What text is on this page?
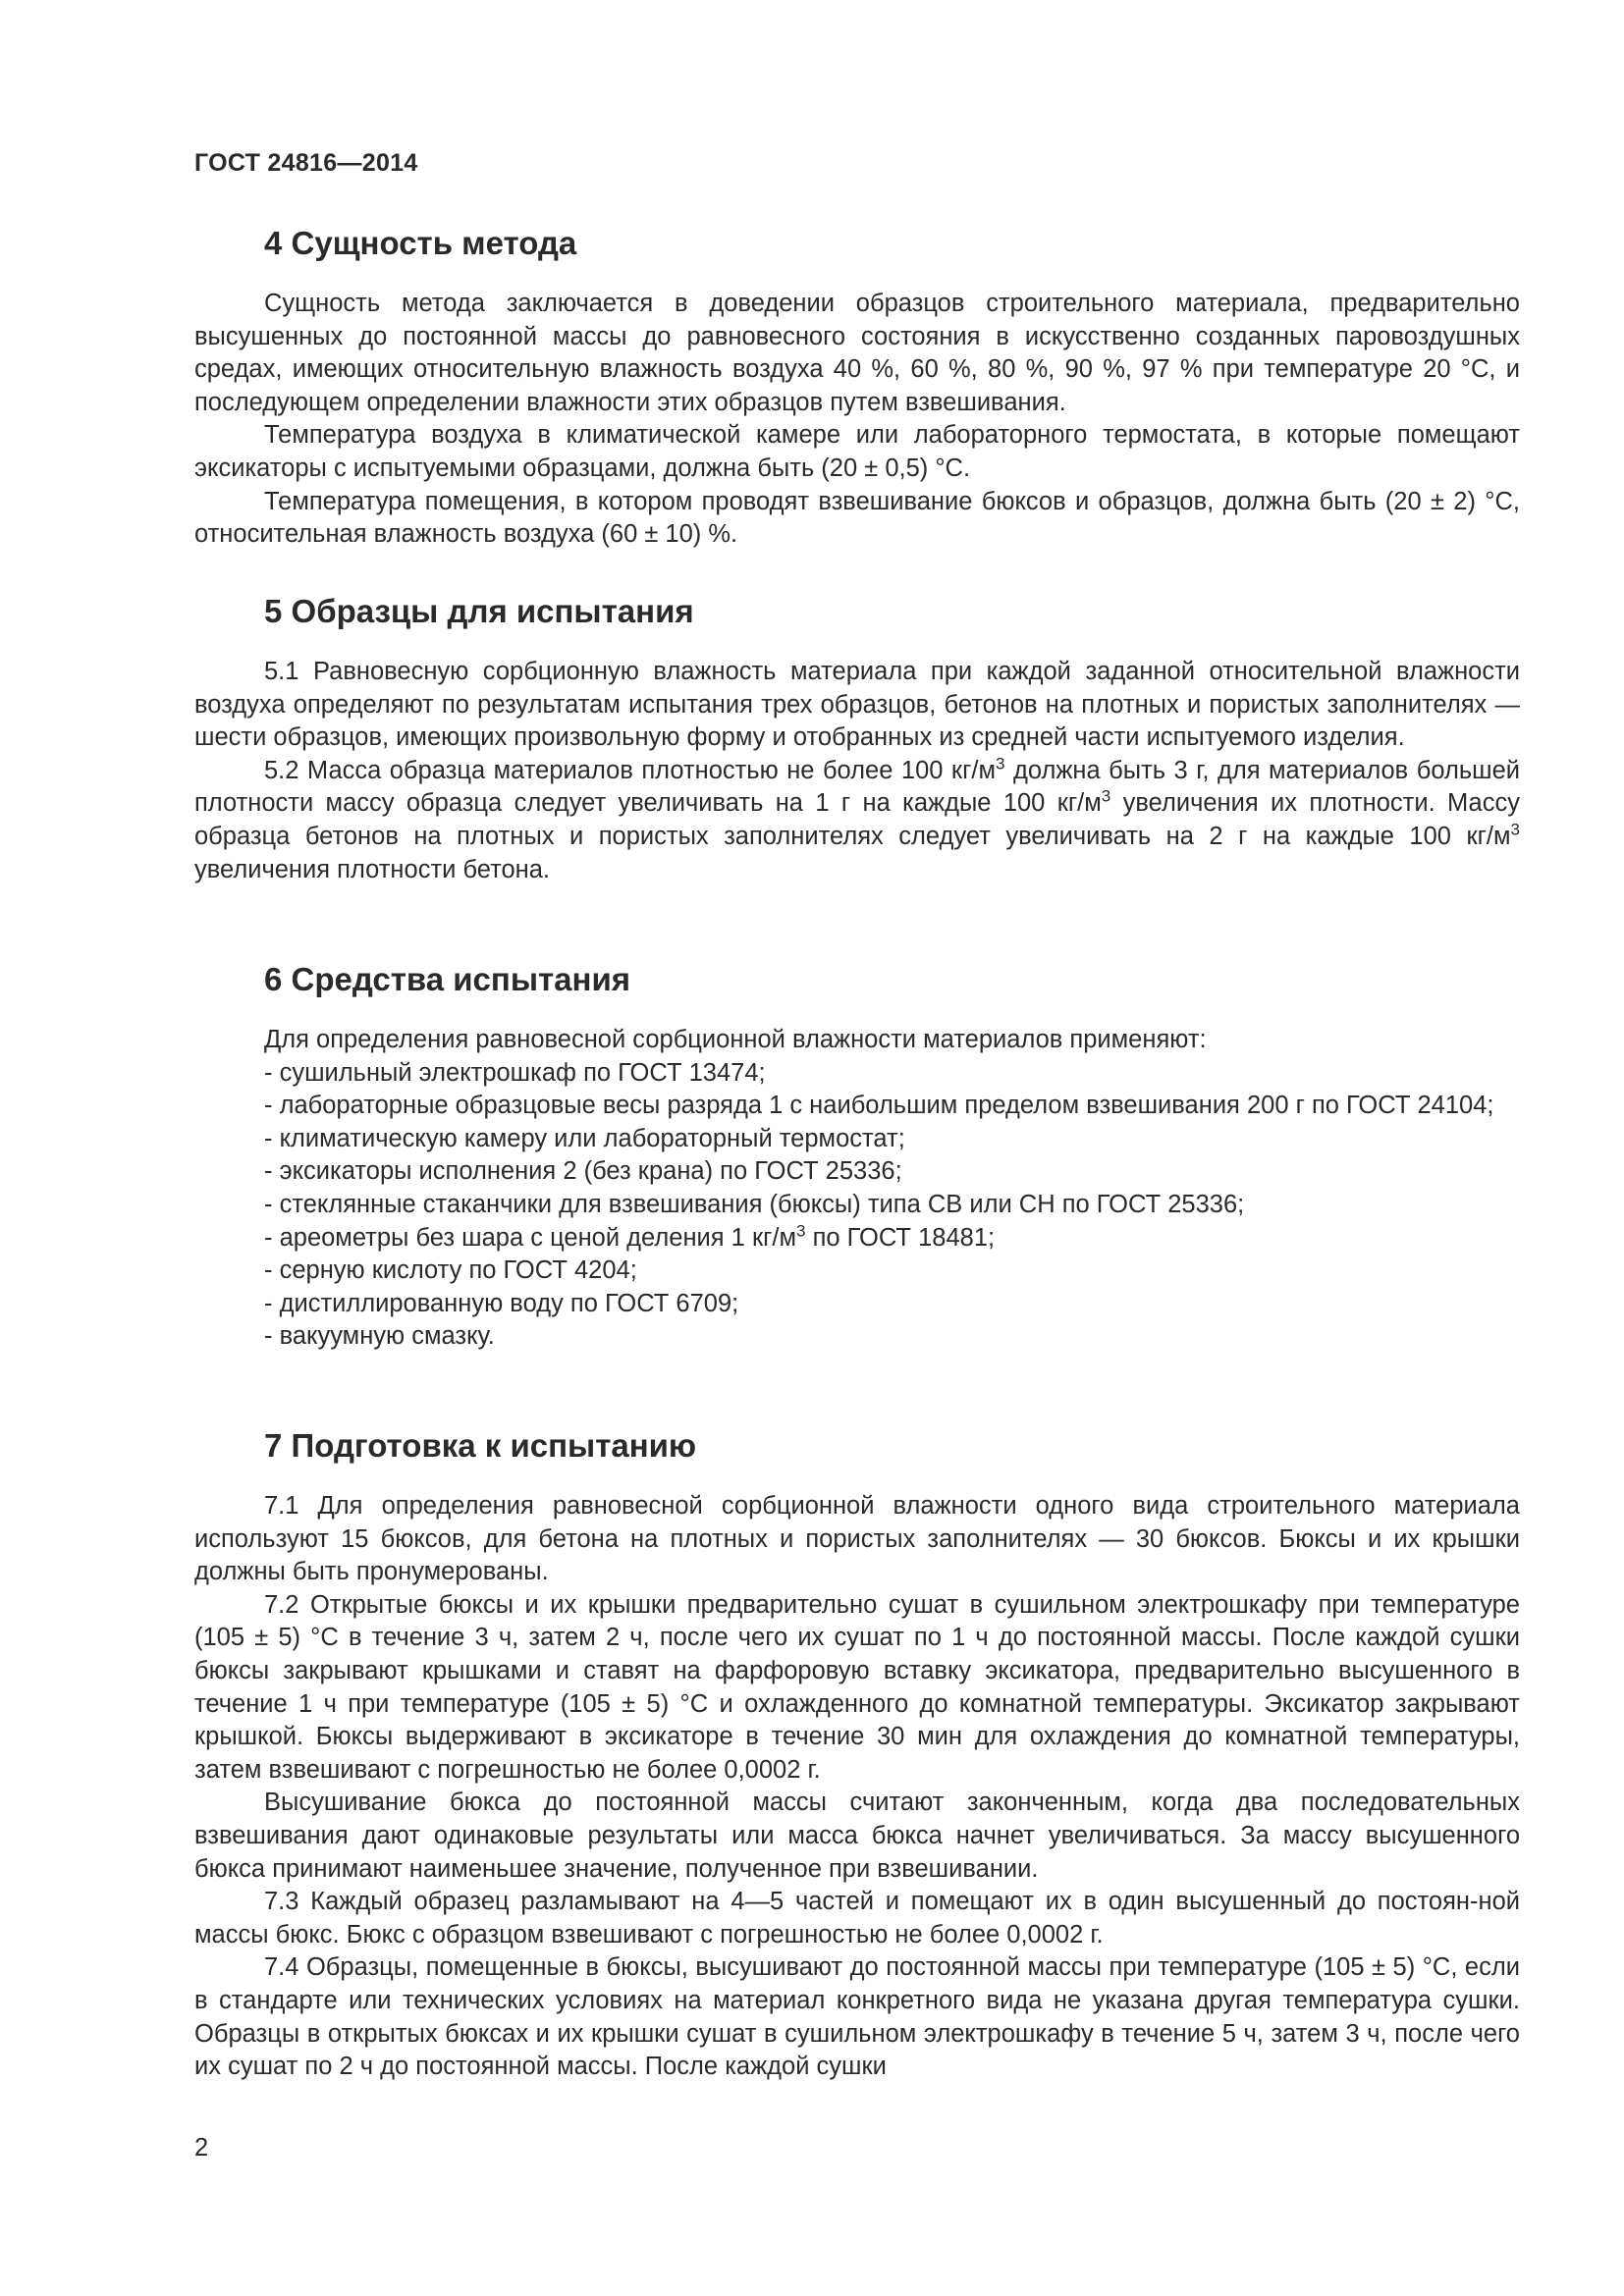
ГОСТ 24816—2014
4 Сущность метода

Сущность метода заключается в доведении образцов строительного материала, предварительно высушенных до постоянной массы до равновесного состояния в искусственно созданных паровоздушных средах, имеющих относительную влажность воздуха 40 %, 60 %, 80 %, 90 %, 97 % при температуре 20 °С, и последующем определении влажности этих образцов путем взвешивания.

Температура воздуха в климатической камере или лабораторного термостата, в которые помещают эксикаторы с испытуемыми образцами, должна быть (20 ± 0,5) °С.

Температура помещения, в котором проводят взвешивание бюксов и образцов, должна быть (20 ± 2) °С, относительная влажность воздуха (60 ± 10) %.

5 Образцы для испытания

5.1 Равновесную сорбционную влажность материала при каждой заданной относительной влажности воздуха определяют по результатам испытания трех образцов, бетонов на плотных и пористых заполнителях — шести образцов, имеющих произвольную форму и отобранных из средней части испытуемого изделия.

5.2 Масса образца материалов плотностью не более 100 $кг/м^3$ должна быть 3 г, для материалов большей плотности массу образца следует увеличивать на 1 г на каждые 100 $кг/м^3$ увеличения их плотности. Массу образца бетонов на плотных и пористых заполнителях следует увеличивать на 2 г на каждые 100 $кг/м^3$ увеличения плотности бетона.

6 Средства испытания

Для определения равновесной сорбционной влажности материалов применяют:

- сушильный электрошкаф по ГОСТ 13474;

- лабораторные образцовые весы разряда 1 с наибольшим пределом взвешивания 200 г по ГОСТ 24104;

- климатическую камеру или лабораторный термостат;

- эксикаторы исполнения 2 (без крана) по ГОСТ 25336;

- стеклянные стаканчики для взвешивания (бюксы) типа СВ или СН по ГОСТ 25336;

- ареометры без шара с ценой деления 1 $кг/м^3$ по ГОСТ 18481;

- серную кислоту по ГОСТ 4204;

- дистиллированную воду по ГОСТ 6709;

- вакуумную смазку.

7 Подготовка к испытанию

7.1 Для определения равновесной сорбционной влажности одного вида строительного материала используют 15 бюксов, для бетона на плотных и пористых заполнителях — 30 бюксов. Бюксы и их крышки должны быть пронумерованы.

7.2 Открытые бюксы и их крышки предварительно сушат в сушильном электрошкафу при температуре (105 ± 5) °С в течение 3 ч, затем 2 ч, после чего их сушат по 1 ч до постоянной массы. После каждой сушки бюксы закрывают крышками и ставят на фарфоровую вставку эксикатора, предварительно высушенного в течение 1 ч при температуре (105 ± 5) °С и охлажденного до комнатной температуры. Эксикатор закрывают крышкой. Бюксы выдерживают в эксикаторе в течение 30 мин для охлаждения до комнатной температуры, затем взвешивают с погрешностью не более 0,0002 г.

Высушивание бюкса до постоянной массы считают законченным, когда два последовательных взвешивания дают одинаковые результаты или масса бюкса начнет увеличиваться. За массу высушенного бюкса принимают наименьшее значение, полученное при взвешивании.

7.3 Каждый образец разламывают на 4—5 частей и помещают их в один высушенный до постоян-ной массы бюкс. Бюкс с образцом взвешивают с погрешностью не более 0,0002 г.

7.4 Образцы, помещенные в бюксы, высушивают до постоянной массы при температуре (105 ± 5) °С, если в стандарте или технических условиях на материал конкретного вида не указана другая температура сушки. Образцы в открытых бюксах и их крышки сушат в сушильном электрошкафу в течение 5 ч, затем 3 ч, после чего их сушат по 2 ч до постоянной массы. После каждой сушки

2
